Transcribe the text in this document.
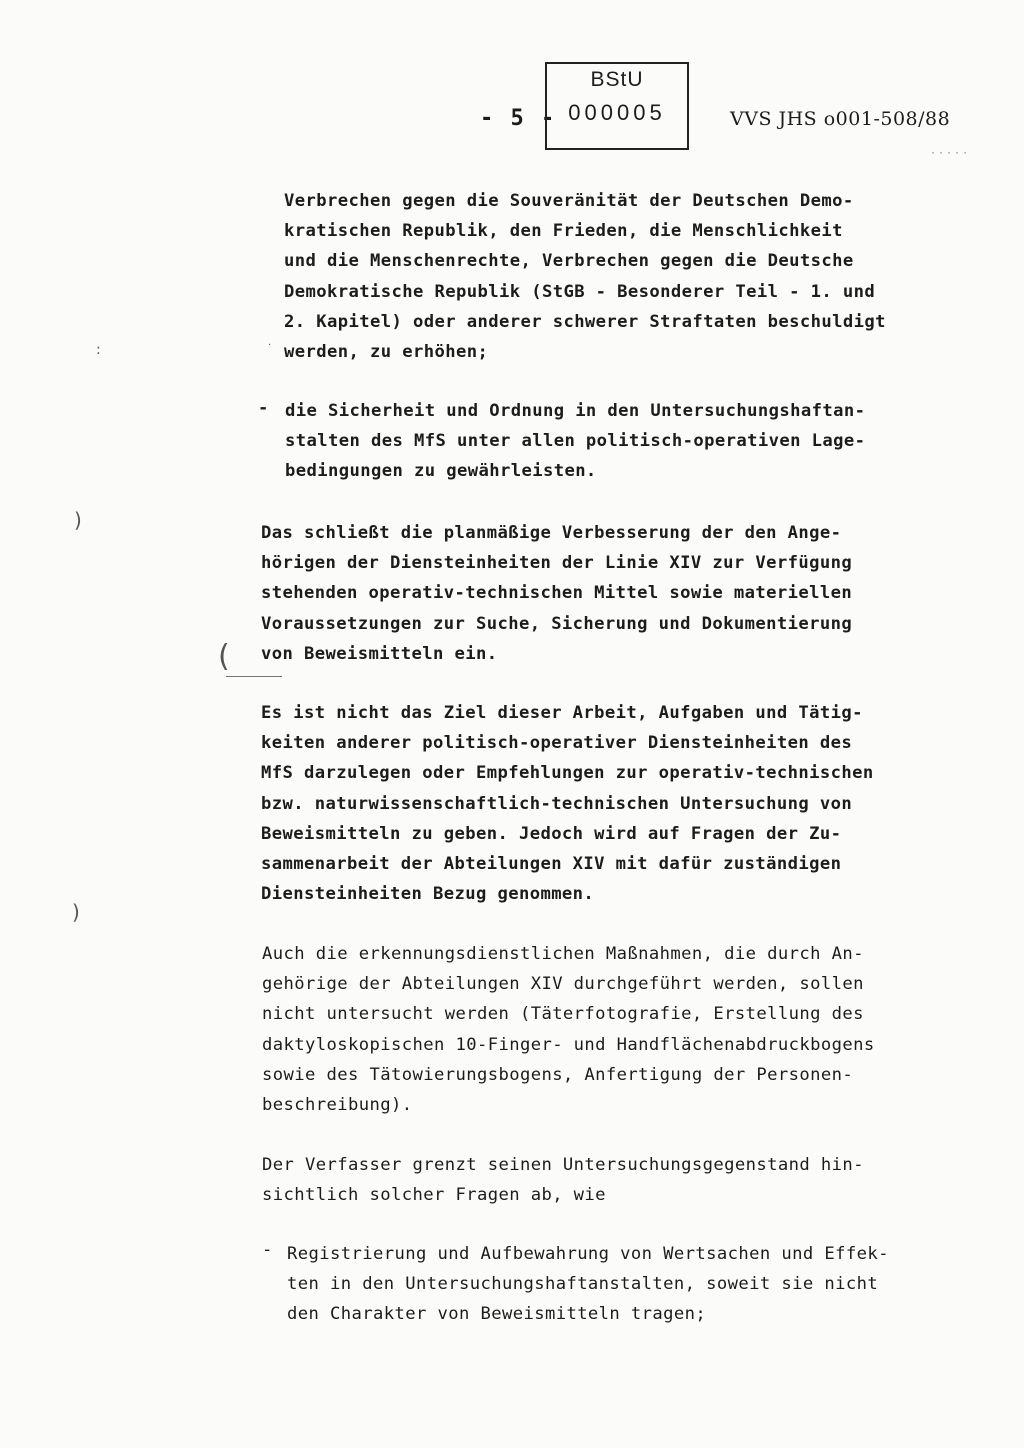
- 5 -
BStU
000005	VVS JHS o001-508/88
·····
:
)
(
)
·
Verbrechen gegen die Souveränität der Deutschen Demo-
kratischen Republik, den Frieden, die Menschlichkeit
und die Menschenrechte, Verbrechen gegen die Deutsche
Demokratische Republik (StGB - Besonderer Teil - 1. und
2. Kapitel) oder anderer schwerer Straftaten beschuldigt
werden, zu erhöhen;
- die Sicherheit und Ordnung in den Untersuchungshaftan-
stalten des MfS unter allen politisch-operativen Lage-
bedingungen zu gewährleisten.
Das schließt die planmäßige Verbesserung der den Ange-
hörigen der Diensteinheiten der Linie XIV zur Verfügung
stehenden operativ-technischen Mittel sowie materiellen
Voraussetzungen zur Suche, Sicherung und Dokumentierung
von Beweismitteln ein.
Es ist nicht das Ziel dieser Arbeit, Aufgaben und Tätig-
keiten anderer politisch-operativer Diensteinheiten des
MfS darzulegen oder Empfehlungen zur operativ-technischen
bzw. naturwissenschaftlich-technischen Untersuchung von
Beweismitteln zu geben. Jedoch wird auf Fragen der Zu-
sammenarbeit der Abteilungen XIV mit dafür zuständigen
Diensteinheiten Bezug genommen.
Auch die erkennungsdienstlichen Maßnahmen, die durch An-
gehörige der Abteilungen XIV durchgeführt werden, sollen
nicht untersucht werden (Täterfotografie, Erstellung des
daktyloskopischen 10-Finger- und Handflächenabdruckbogens
sowie des Tätowierungsbogens, Anfertigung der Personen-
beschreibung).
Der Verfasser grenzt seinen Untersuchungsgegenstand hin-
sichtlich solcher Fragen ab, wie
- Registrierung und Aufbewahrung von Wertsachen und Effek-
ten in den Untersuchungshaftanstalten, soweit sie nicht
den Charakter von Beweismitteln tragen;
